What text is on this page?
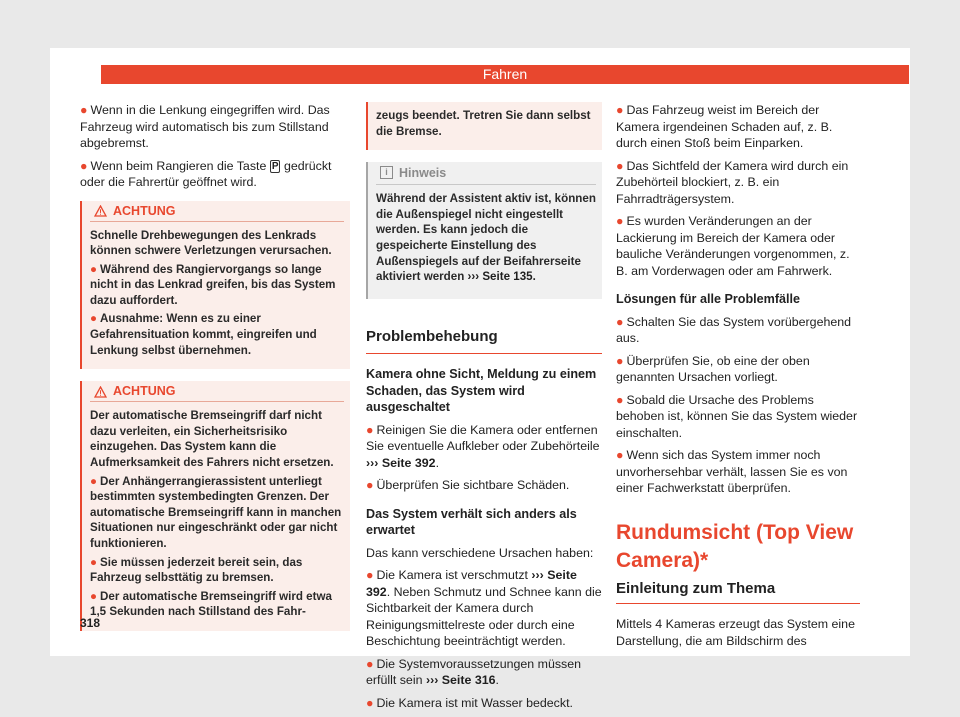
Fahren

● Wenn in die Lenkung eingegriffen wird. Das Fahrzeug wird automatisch bis zum Stillstand abgebremst.

● Wenn beim Rangieren die Taste P gedrückt oder die Fahrertür geöffnet wird.

ACHTUNG

Schnelle Drehbewegungen des Lenkrads können schwere Verletzungen verursachen.

● Während des Rangiervorgangs so lange nicht in das Lenkrad greifen, bis das System dazu auffordert.

● Ausnahme: Wenn es zu einer Gefahrensituation kommt, eingreifen und Lenkung selbst übernehmen.

ACHTUNG

Der automatische Bremseingriff darf nicht dazu verleiten, ein Sicherheitsrisiko einzugehen. Das System kann die Aufmerksamkeit des Fahrers nicht ersetzen.

● Der Anhängerrangierassistent unterliegt bestimmten systembedingten Grenzen. Der automatische Bremseingriff kann in manchen Situationen nur eingeschränkt oder gar nicht funktionieren.

● Sie müssen jederzeit bereit sein, das Fahrzeug selbsttätig zu bremsen.

● Der automatische Bremseingriff wird etwa 1,5 Sekunden nach Stillstand des Fahr-

zeugs beendet. Tretren Sie dann selbst die Bremse.

i Hinweis

Während der Assistent aktiv ist, können die Außenspiegel nicht eingestellt werden. Es kann jedoch die gespeicherte Einstellung des Außenspiegels auf der Beifahrerseite aktiviert werden ››› Seite 135.

Problembehebung
Kamera ohne Sicht, Meldung zu einem Schaden, das System wird ausgeschaltet

● Reinigen Sie die Kamera oder entfernen Sie eventuelle Aufkleber oder Zubehörteile ››› Seite 392.

● Überprüfen Sie sichtbare Schäden.

Das System verhält sich anders als erwartet

Das kann verschiedene Ursachen haben:

● Die Kamera ist verschmutzt ››› Seite 392. Neben Schmutz und Schnee kann die Sichtbarkeit der Kamera durch Reinigungsmittelreste oder durch eine Beschichtung beeinträchtigt werden.

● Die Systemvoraussetzungen müssen erfüllt sein ››› Seite 316.

● Die Kamera ist mit Wasser bedeckt.

● Das Fahrzeug weist im Bereich der Kamera irgendeinen Schaden auf, z. B. durch einen Stoß beim Einparken.

● Das Sichtfeld der Kamera wird durch ein Zubehörteil blockiert, z. B. ein Fahrradträgersystem.

● Es wurden Veränderungen an der Lackierung im Bereich der Kamera oder bauliche Veränderungen vorgenommen, z. B. am Vorderwagen oder am Fahrwerk.

Lösungen für alle Problemfälle

● Schalten Sie das System vorübergehend aus.

● Überprüfen Sie, ob eine der oben genannten Ursachen vorliegt.

● Sobald die Ursache des Problems behoben ist, können Sie das System wieder einschalten.

● Wenn sich das System immer noch unvorhersehbar verhält, lassen Sie es von einer Fachwerkstatt überprüfen.

Rundumsicht (Top View Camera)*
Einleitung zum Thema

Mittels 4 Kameras erzeugt das System eine Darstellung, die am Bildschirm des

318
